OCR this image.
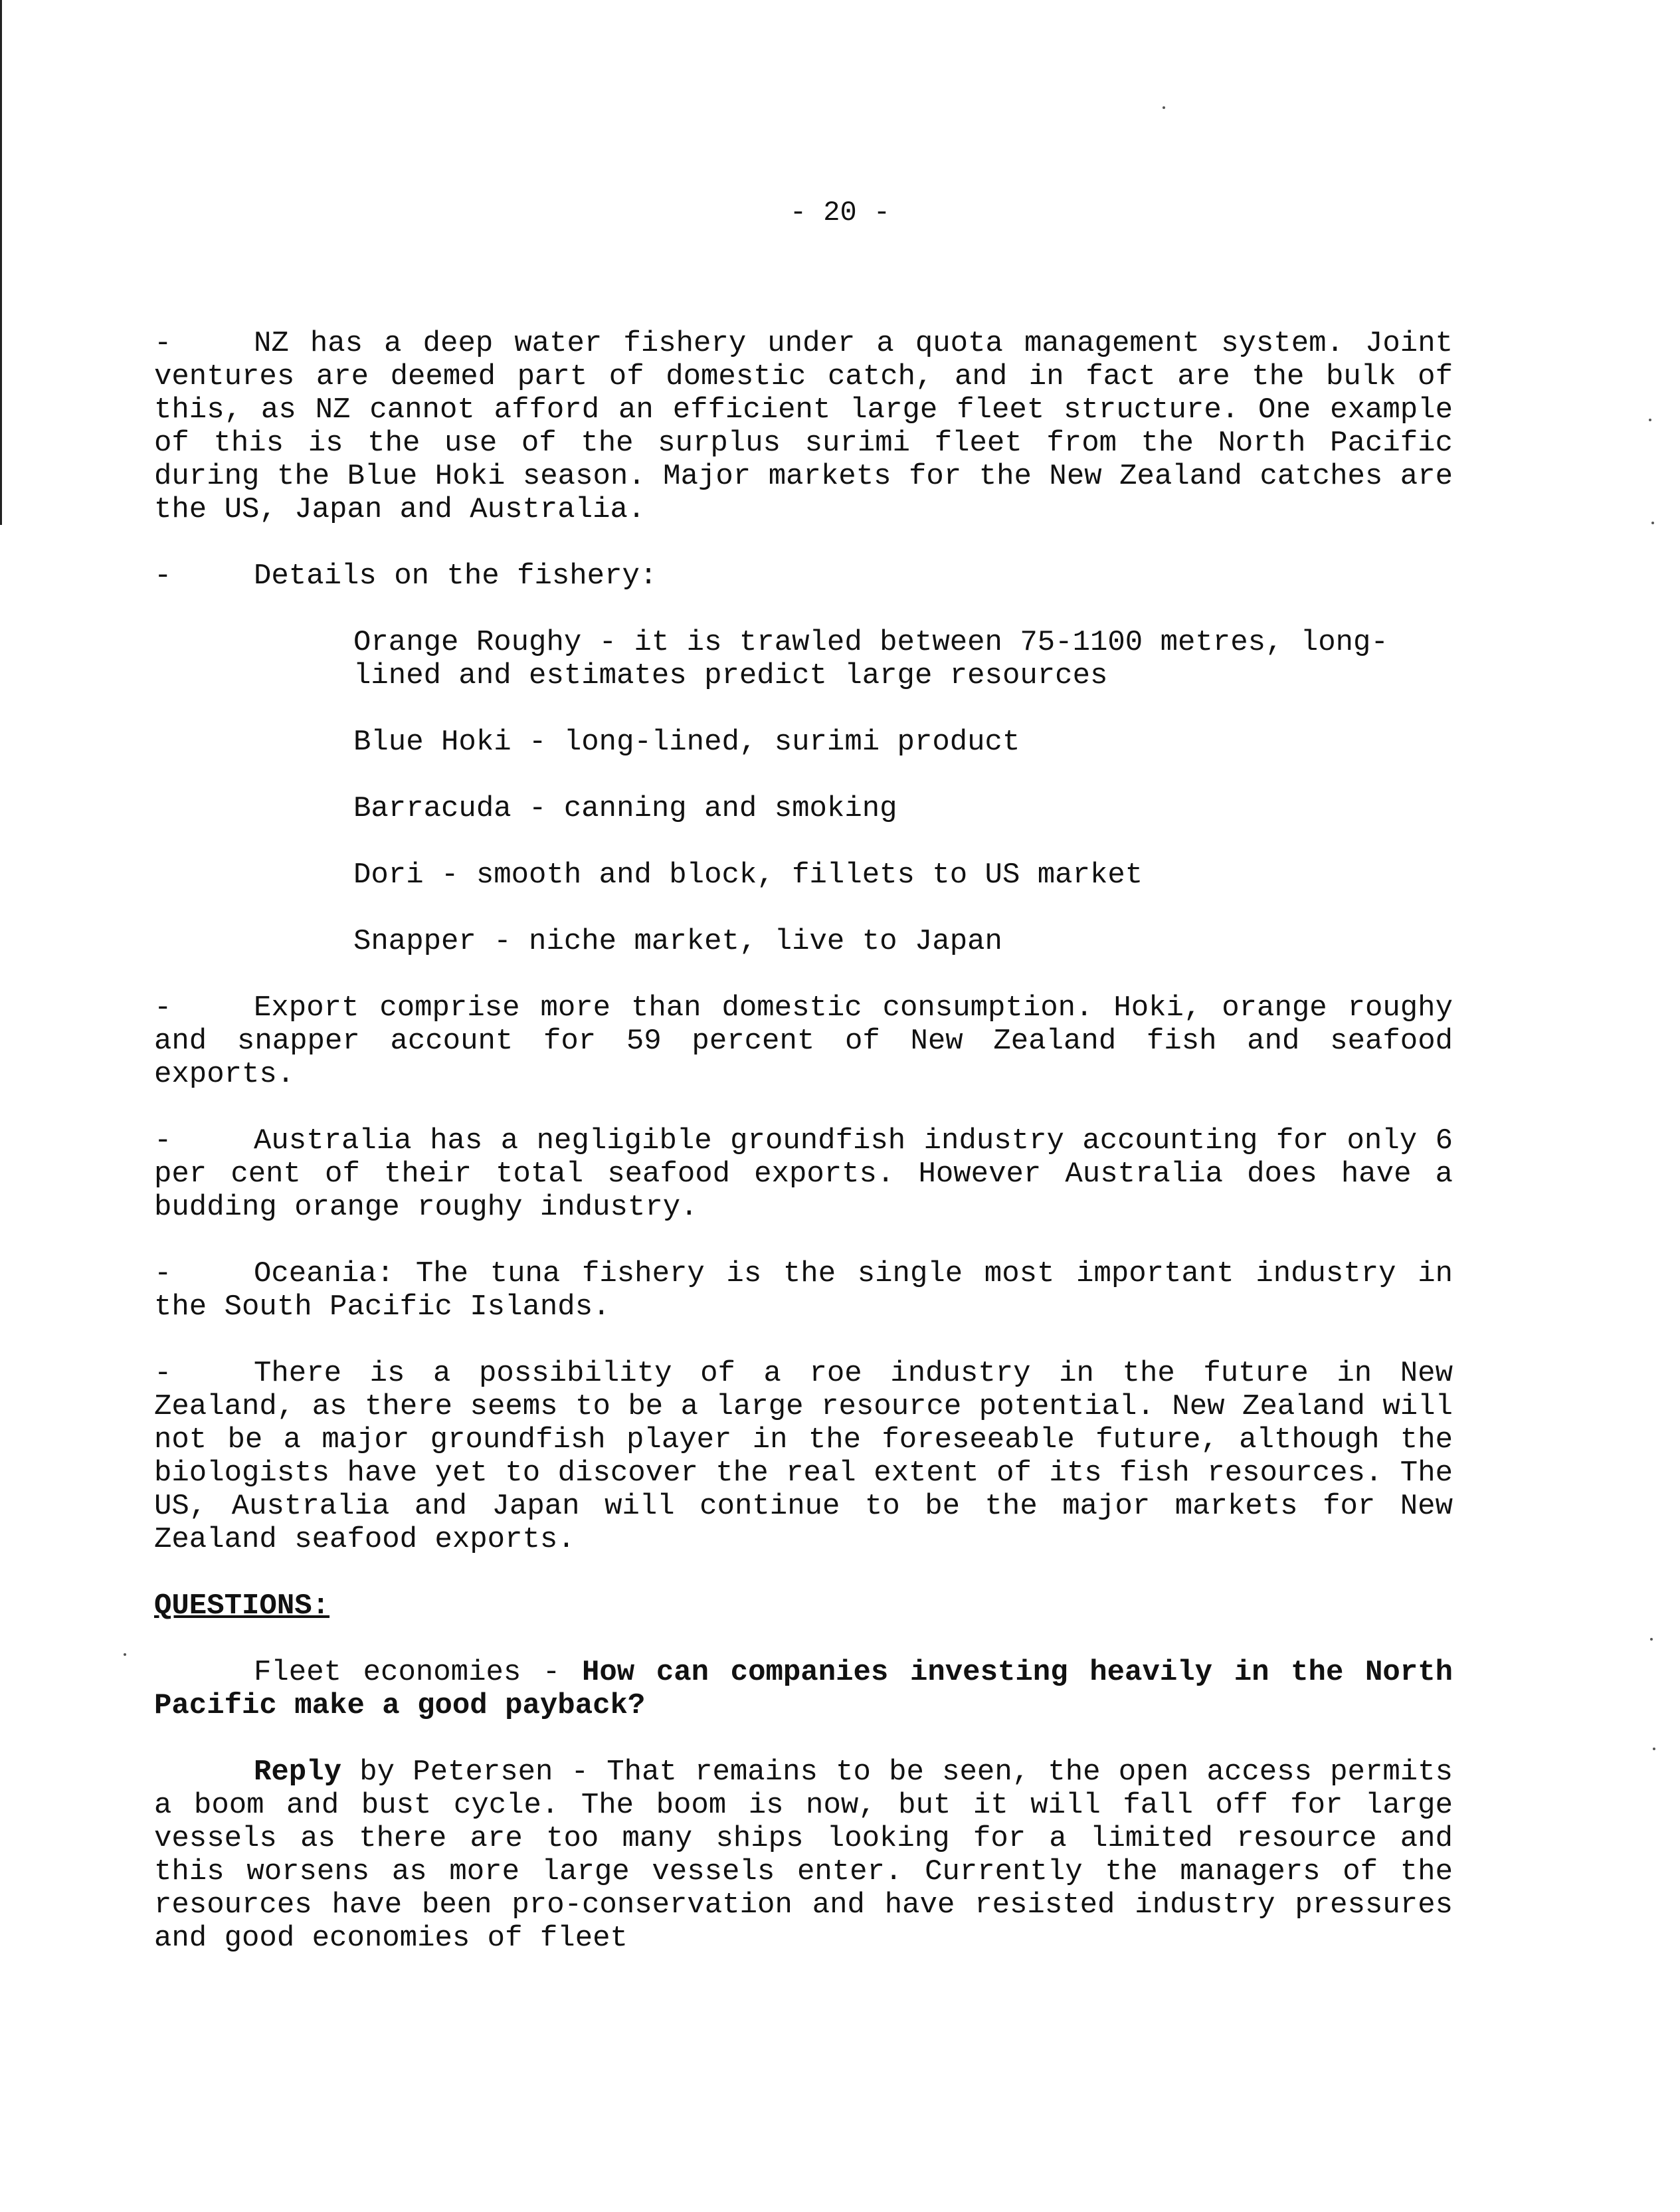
- 20 -

-	NZ has a deep water fishery under a quota management system. Joint ventures are deemed part of domestic catch, and in fact are the bulk of this, as NZ cannot afford an efficient large fleet structure. One example of this is the use of the surplus surimi fleet from the North Pacific during the Blue Hoki season. Major markets for the New Zealand catches are the US, Japan and Australia.

-	Details on the fishery:

Orange Roughy - it is trawled between 75-1100 metres, long-lined and estimates predict large resources
Blue Hoki - long-lined, surimi product
Barracuda - canning and smoking
Dori - smooth and block, fillets to US market
Snapper - niche market, live to Japan

-	Export comprise more than domestic consumption. Hoki, orange roughy and snapper account for 59 percent of New Zealand fish and seafood exports.

-	Australia has a negligible groundfish industry accounting for only 6 per cent of their total seafood exports. However Australia does have a budding orange roughy industry.

-	Oceania: The tuna fishery is the single most important industry in the South Pacific Islands.

-	There is a possibility of a roe industry in the future in New Zealand, as there seems to be a large resource potential. New Zealand will not be a major groundfish player in the foreseeable future, although the biologists have yet to discover the real extent of its fish resources. The US, Australia and Japan will continue to be the major markets for New Zealand seafood exports.

QUESTIONS:

Fleet economies - How can companies investing heavily in the North Pacific make a good payback?

Reply by Petersen - That remains to be seen, the open access permits a boom and bust cycle. The boom is now, but it will fall off for large vessels as there are too many ships looking for a limited resource and this worsens as more large vessels enter. Currently the managers of the resources have been pro-conservation and have resisted industry pressures and good economies of fleet
